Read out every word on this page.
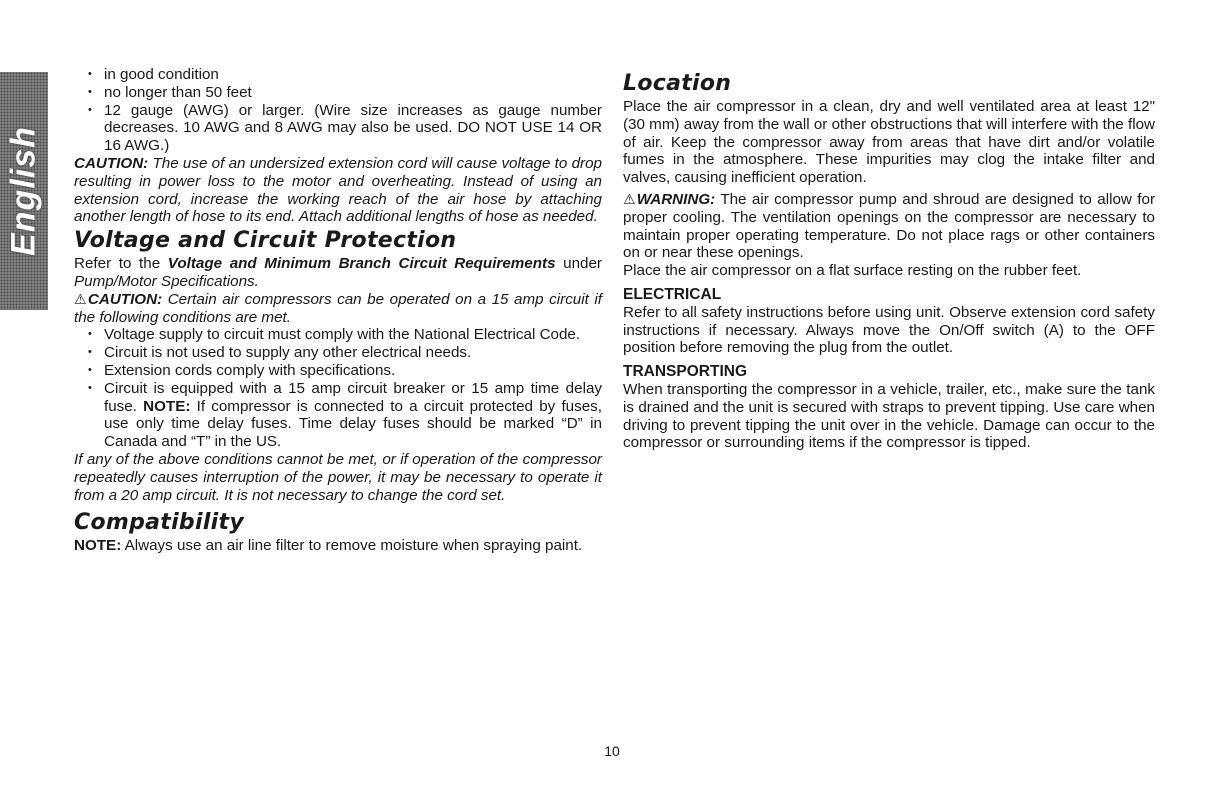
English
• in good condition
• no longer than 50 feet
• 12 gauge (AWG) or larger. (Wire size increases as gauge number decreases. 10 AWG and 8 AWG may also be used. DO NOT USE 14 OR 16 AWG.)

CAUTION: The use of an undersized extension cord will cause voltage to drop resulting in power loss to the motor and overheating. Instead of using an extension cord, increase the working reach of the air hose by attaching another length of hose to its end. Attach additional lengths of hose as needed.

Voltage and Circuit Protection

Refer to the Voltage and Minimum Branch Circuit Requirements under Pump/Motor Specifications.

⚠CAUTION: Certain air compressors can be operated on a 15 amp circuit if the following conditions are met.

• Voltage supply to circuit must comply with the National Electrical Code.
• Circuit is not used to supply any other electrical needs.
• Extension cords comply with specifications.
• Circuit is equipped with a 15 amp circuit breaker or 15 amp time delay fuse. NOTE: If compressor is connected to a circuit protected by fuses, use only time delay fuses. Time delay fuses should be marked “D” in Canada and “T” in the US.

If any of the above conditions cannot be met, or if operation of the compressor repeatedly causes interruption of the power, it may be necessary to operate it from a 20 amp circuit. It is not necessary to change the cord set.

Compatibility

NOTE: Always use an air line filter to remove moisture when spraying paint.

Location

Place the air compressor in a clean, dry and well ventilated area at least 12" (30 mm) away from the wall or other obstructions that will interfere with the flow of air. Keep the compressor away from areas that have dirt and/or volatile fumes in the atmosphere. These impurities may clog the intake filter and valves, causing inefficient operation.

⚠WARNING: The air compressor pump and shroud are designed to allow for proper cooling. The ventilation openings on the compressor are necessary to maintain proper operating temperature. Do not place rags or other containers on or near these openings.

Place the air compressor on a flat surface resting on the rubber feet.

ELECTRICAL

Refer to all safety instructions before using unit. Observe extension cord safety instructions if necessary. Always move the On/Off switch (A) to the OFF position before removing the plug from the outlet.

TRANSPORTING

When transporting the compressor in a vehicle, trailer, etc., make sure the tank is drained and the unit is secured with straps to prevent tipping. Use care when driving to prevent tipping the unit over in the vehicle. Damage can occur to the compressor or surrounding items if the compressor is tipped.

10
